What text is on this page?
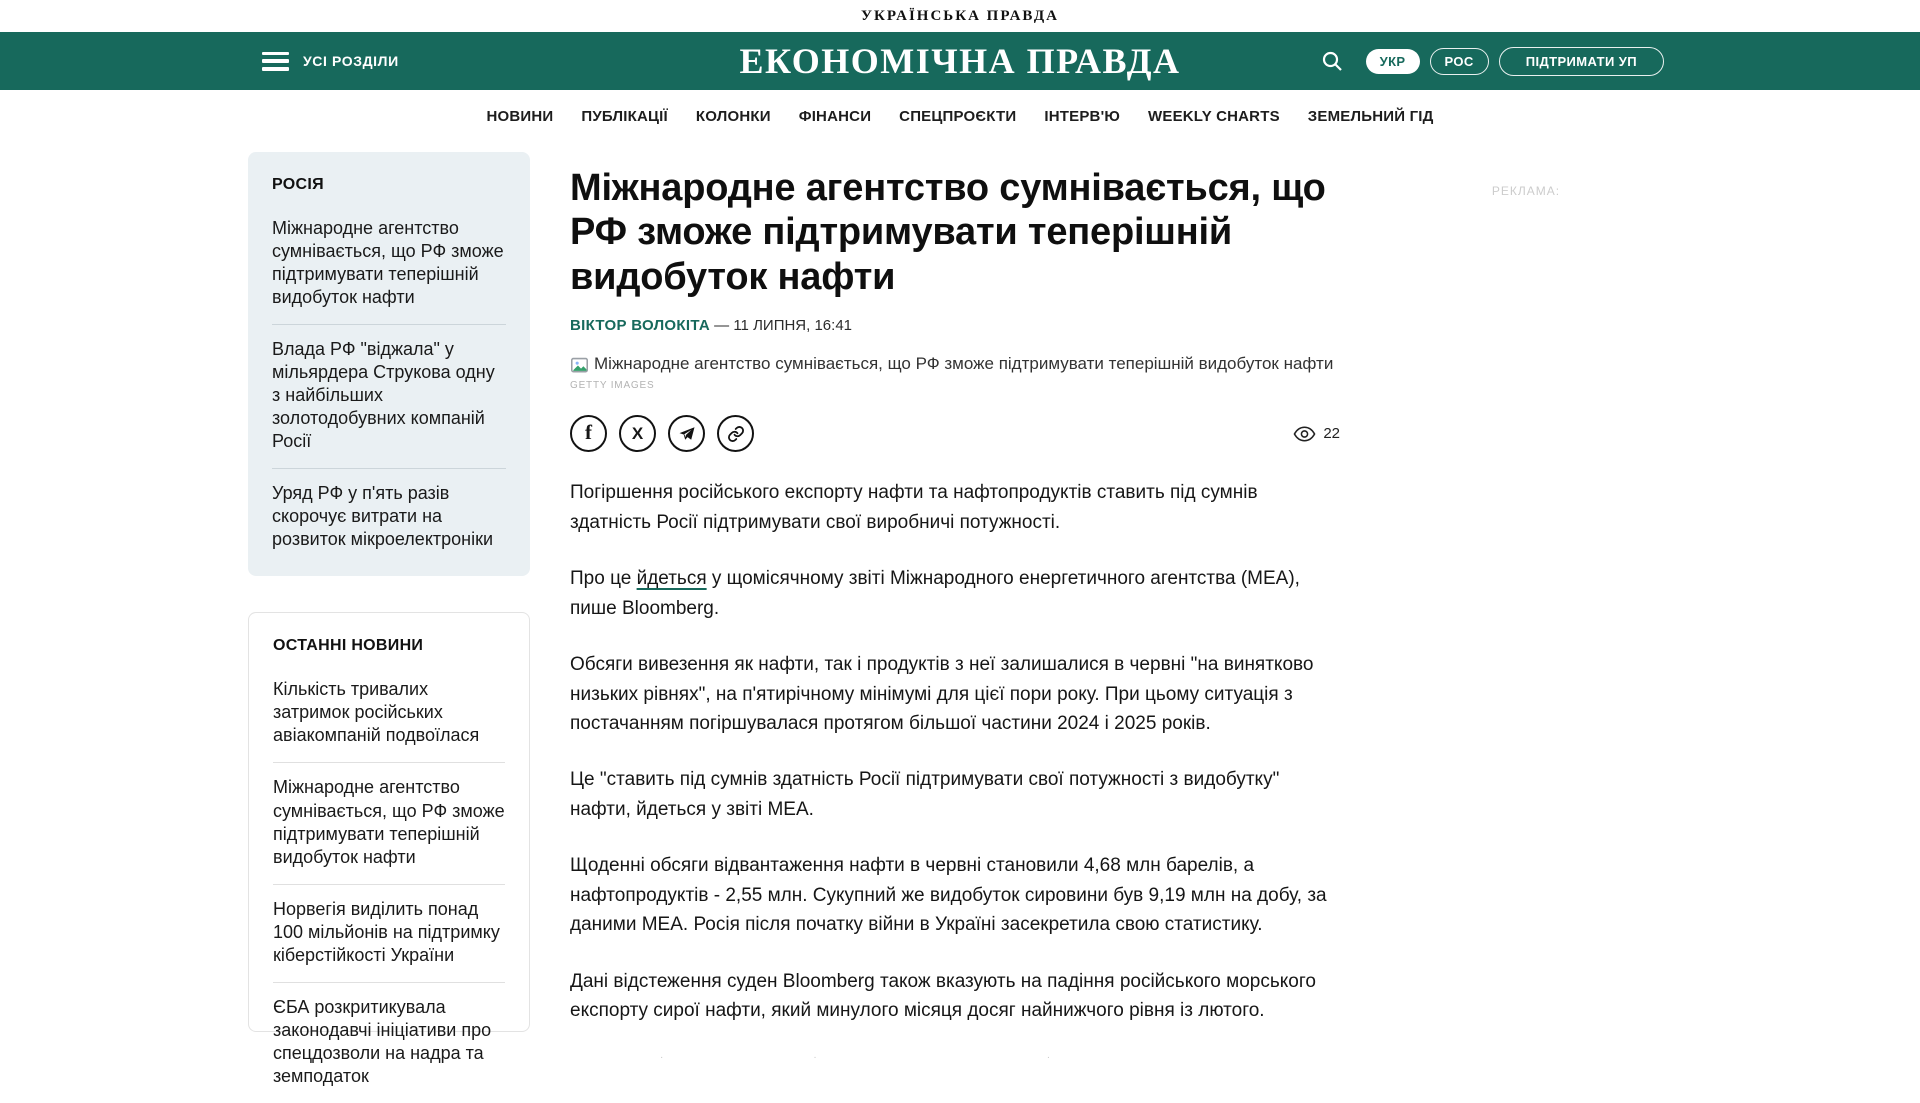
УКРАЇНСЬКА ПРАВДА
УСІ РОЗДІЛИ	ЕКОНОМІЧНА ПРАВДА	УКР	РОС	ПІДТРИМАТИ УП
НОВИНИ ПУБЛІКАЦІЇ КОЛОНКИ ФІНАНСИ СПЕЦПРОЄКТИ ІНТЕРВ'Ю WEEKLY CHARTS ЗЕМЕЛЬНИЙ ГІД
РОСІЯ
Міжнародне агентство сумнівається, що РФ зможе підтримувати теперішній видобуток нафти
Влада РФ "віджала" у мільярдера Струкова одну з найбільших золотодобувних компаній Росії
Уряд РФ у п'ять разів скорочує витрати на розвиток мікроелектроніки
ОСТАННІ НОВИНИ
Кількість тривалих затримок російських авіакомпаній подвоїлася
Міжнародне агентство сумнівається, що РФ зможе підтримувати теперішній видобуток нафти
Норвегія виділить понад 100 мільйонів на підтримку кіберстійкості України
ЄБА розкритикувала законодавчі ініціативи про спецдозволи на надра та земподаток
Міжнародне агентство сумнівається, що РФ зможе підтримувати теперішній видобуток нафти
ВІКТОР ВОЛОКІТА — 11 ЛИПНЯ, 16:41
Міжнародне агентство сумнівається, що РФ зможе підтримувати теперішній видобуток нафти
GETTY IMAGES
f X	22

Погіршення російського експорту нафти та нафтопродуктів ставить під сумнів здатність Росії підтримувати свої виробничі потужності.

Про це йдеться у щомісячному звіті Міжнародного енергетичного агентства (МЕА), пише Bloomberg.

Обсяги вивезення як нафти, так і продуктів з неї залишалися в червні "на винятково низьких рівнях", на п'ятирічному мінімумі для цієї пори року. При цьому ситуація з постачанням погіршувалася протягом більшої частини 2024 і 2025 років.

Це "ставить під сумнів здатність Росії підтримувати свої потужності з видобутку" нафти, йдеться у звіті МЕА.

Щоденні обсяги відвантаження нафти в червні становили 4,68 млн барелів, а нафтопродуктів - 2,55 млн. Сукупний же видобуток сировини був 9,19 млн на добу, за даними МЕА. Росія після початку війни в Україні засекретила свою статистику.

Дані відстеження суден Bloomberg також вказують на падіння російського морського експорту сирої нафти, який минулого місяця досяг найнижчого рівня із лютого.

·	·	·
РЕКЛАМА:
